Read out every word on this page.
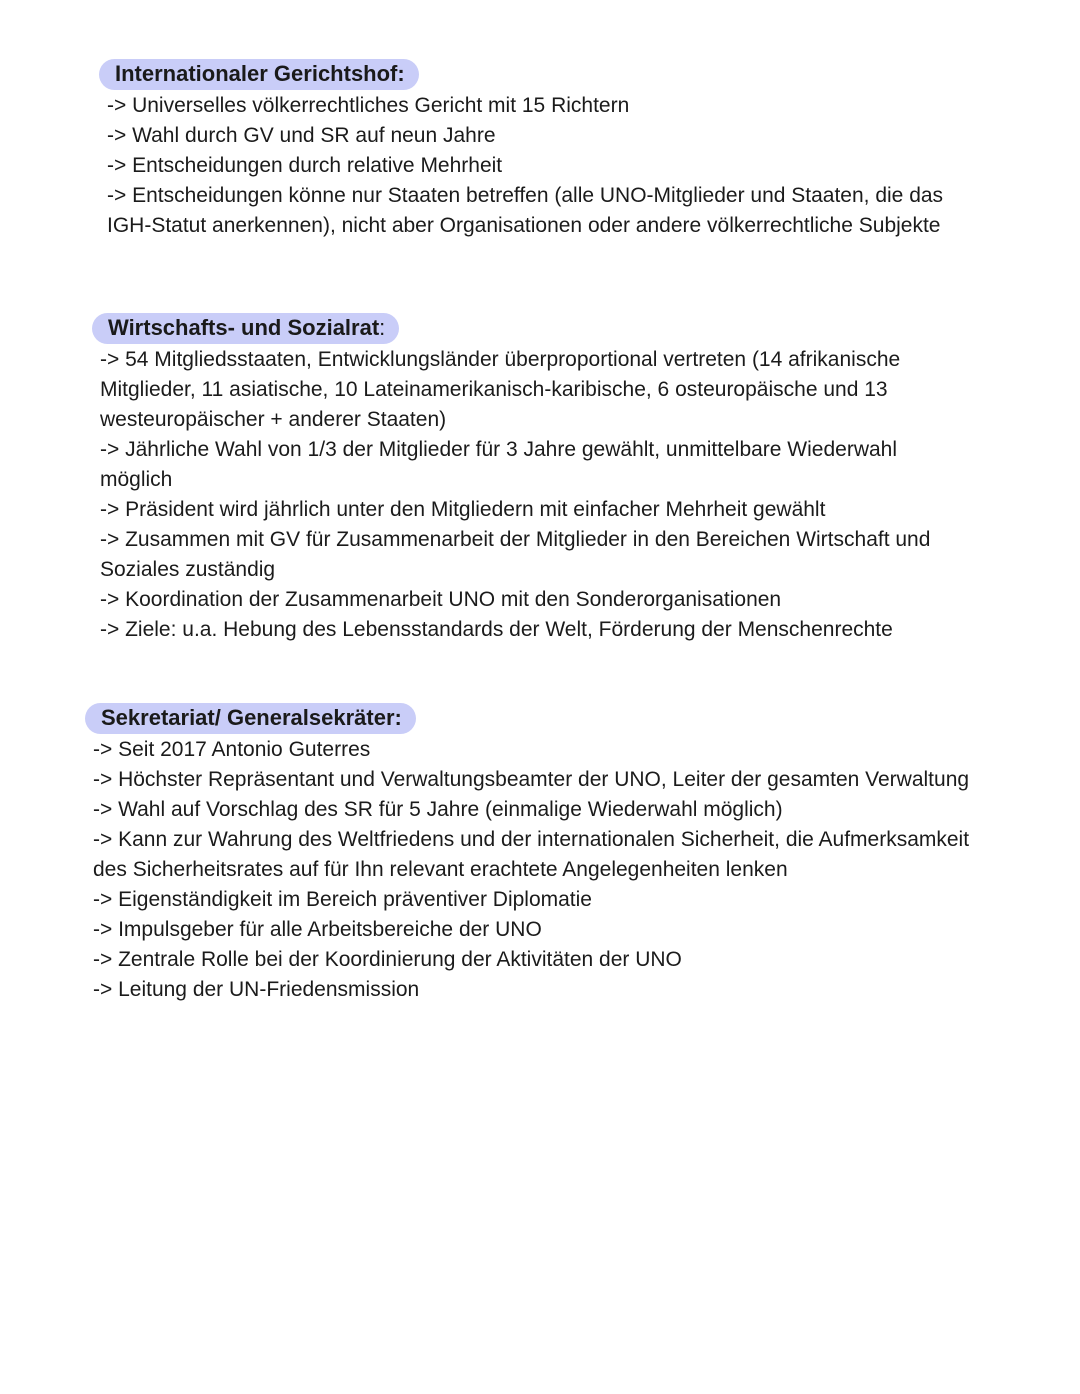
Internationaler Gerichtshof:
-> Universelles völkerrechtliches Gericht mit 15 Richtern
-> Wahl durch GV und SR auf neun Jahre
-> Entscheidungen durch relative Mehrheit
-> Entscheidungen könne nur Staaten betreffen (alle UNO-Mitglieder und Staaten, die das
IGH-Statut anerkennen), nicht aber Organisationen oder andere völkerrechtliche Subjekte
Wirtschafts- und Sozialrat:
-> 54 Mitgliedsstaaten, Entwicklungsländer überproportional vertreten (14 afrikanische
Mitglieder, 11 asiatische, 10 Lateinamerikanisch-karibische, 6 osteuropäische und 13
westeuropäischer + anderer Staaten)
-> Jährliche Wahl von 1/3 der Mitglieder für 3 Jahre gewählt, unmittelbare Wiederwahl
möglich
-> Präsident wird jährlich unter den Mitgliedern mit einfacher Mehrheit gewählt
-> Zusammen mit GV für Zusammenarbeit der Mitglieder in den Bereichen Wirtschaft und
Soziales zuständig
-> Koordination der Zusammenarbeit UNO mit den Sonderorganisationen
-> Ziele: u.a. Hebung des Lebensstandards der Welt, Förderung der Menschenrechte
Sekretariat/ Generalsekräter:
-> Seit 2017 Antonio Guterres
-> Höchster Repräsentant und Verwaltungsbeamter der UNO, Leiter der gesamten Verwaltung
-> Wahl auf Vorschlag des SR für 5 Jahre (einmalige Wiederwahl möglich)
-> Kann zur Wahrung des Weltfriedens und der internationalen Sicherheit, die Aufmerksamkeit
des Sicherheitsrates auf für Ihn relevant erachtete Angelegenheiten lenken
-> Eigenständigkeit im Bereich präventiver Diplomatie
-> Impulsgeber für alle Arbeitsbereiche der UNO
-> Zentrale Rolle bei der Koordinierung der Aktivitäten der UNO
-> Leitung der UN-Friedensmission
